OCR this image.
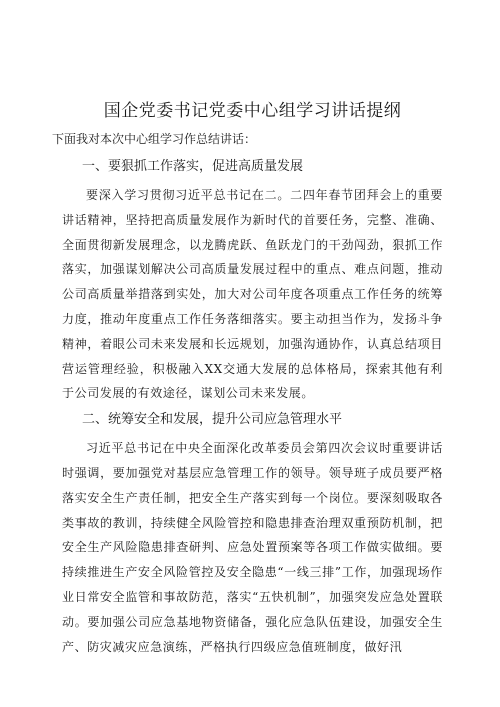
国企党委书记党委中心组学习讲话提纲
下面我对本次中心组学习作总结讲话：
一、要狠抓工作落实，促进高质量发展

要深入学习贯彻习近平总书记在二。二四年春节团拜会上的重要讲话精神，坚持把高质量发展作为新时代的首要任务，完整、准确、全面贯彻新发展理念，以龙腾虎跃、鱼跃龙门的干劲闯劲，狠抓工作落实，加强谋划解决公司高质量发展过程中的重点、难点问题，推动公司高质量举措落到实处，加大对公司年度各项重点工作任务的统筹力度，推动年度重点工作任务落细落实。要主动担当作为，发扬斗争精神，着眼公司未来发展和长远规划，加强沟通协作，认真总结项目营运管理经验，积极融入XX交通大发展的总体格局，探索其他有利于公司发展的有效途径，谋划公司未来发展。

二、统筹安全和发展，提升公司应急管理水平

习近平总书记在中央全面深化改革委员会第四次会议时重要讲话时强调，要加强党对基层应急管理工作的领导。领导班子成员要严格落实安全生产责任制，把安全生产落实到每一个岗位。要深刻吸取各类事故的教训，持续健全风险管控和隐患排查治理双重预防机制，把安全生产风险隐患排查研判、应急处置预案等各项工作做实做细。要持续推进生产安全风险管控及安全隐患“一线三排”工作，加强现场作业日常安全监管和事故防范，落实“五快机制”，加强突发应急处置联动。要加强公司应急基地物资储备，强化应急队伍建设，加强安全生产、防灾减灾应急演练，严格执行四级应急值班制度，做好汛
